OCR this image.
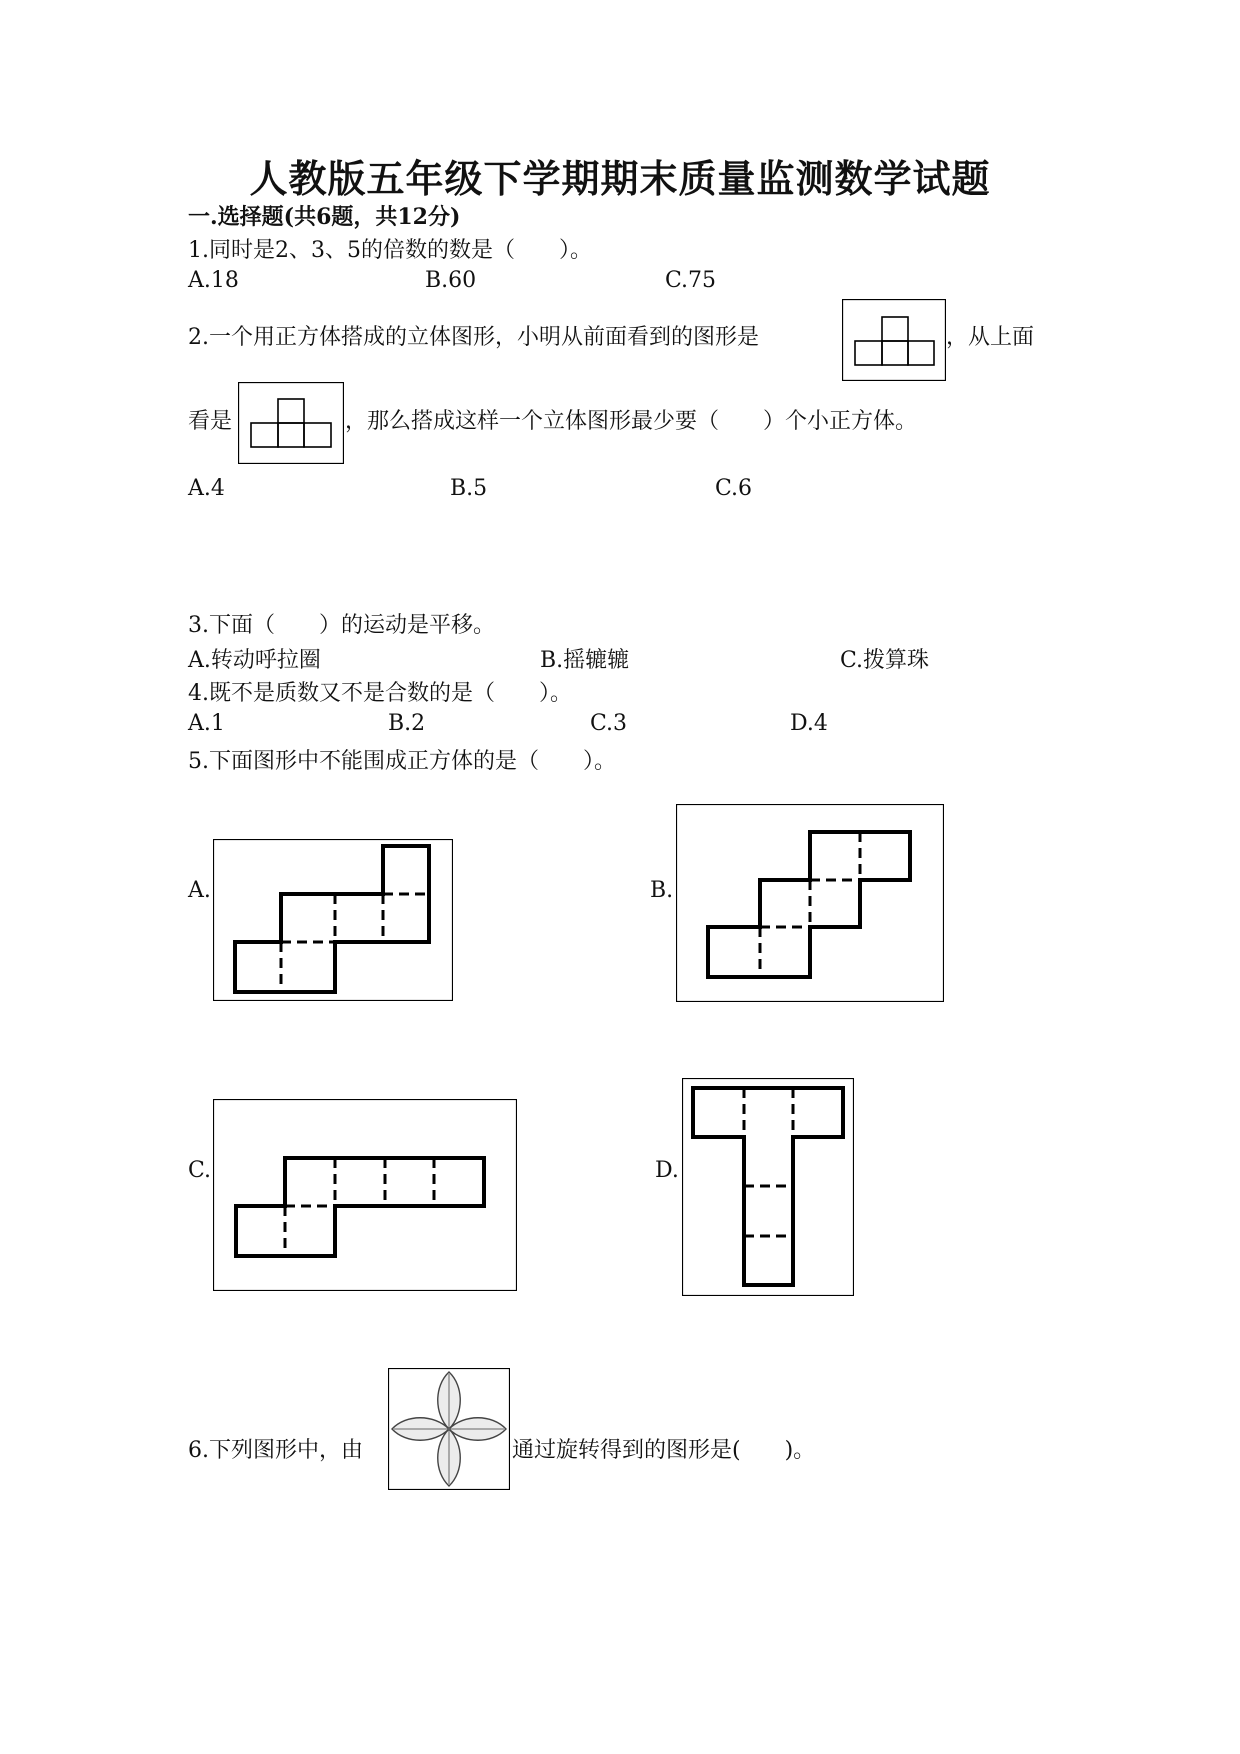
人教版五年级下学期期末质量监测数学试题
一.选择题(共6题，共12分)
1.同时是2、3、5的倍数的数是（　　）。
A.18	B.60	C.75
2.一个用正方体搭成的立体图形，小明从前面看到的图形是	，从上面
看是	，那么搭成这样一个立体图形最少要（　　）个小正方体。
A.4	B.5	C.6
3.下面（　　）的运动是平移。
A.转动呼拉圈	B.摇辘辘	C.拨算珠
4.既不是质数又不是合数的是（　　）。
A.1	B.2	C.3	D.4
5.下面图形中不能围成正方体的是（　　）。
A.	B.
C.	D.
6.下列图形中，由	通过旋转得到的图形是(　　)。
